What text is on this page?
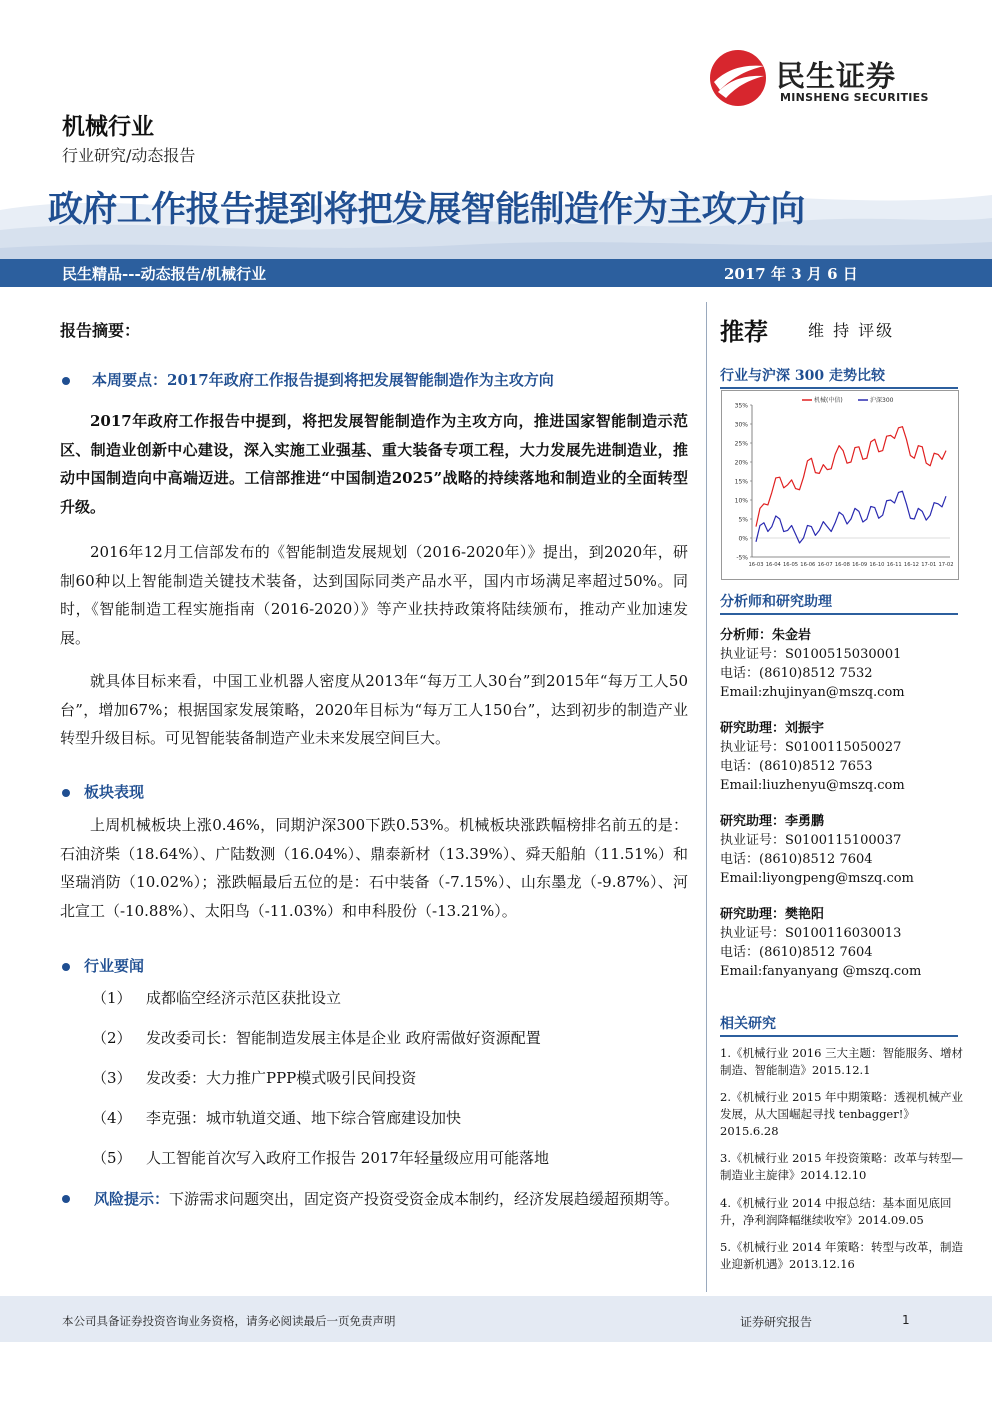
民生证券
MINSHENG SECURITIES
机械行业
行业研究/动态报告
政府工作报告提到将把发展智能制造作为主攻方向
民生精品---动态报告/机械行业	2017 年 3 月 6 日
报告摘要：
本周要点：2017年政府工作报告提到将把发展智能制造作为主攻方向
2017年政府工作报告中提到，将把发展智能制造作为主攻方向，推进国家智能制造示范区、制造业创新中心建设，深入实施工业强基、重大装备专项工程，大力发展先进制造业，推动中国制造向中高端迈进。工信部推进“中国制造2025”战略的持续落地和制造业的全面转型升级。
2016年12月工信部发布的《智能制造发展规划（2016-2020年）》提出，到2020年，研制60种以上智能制造关键技术装备，达到国际同类产品水平，国内市场满足率超过50%。同时，《智能制造工程实施指南（2016-2020）》等产业扶持政策将陆续颁布，推动产业加速发展。
就具体目标来看，中国工业机器人密度从2013年“每万工人30台”到2015年“每万工人50台”，增加67%；根据国家发展策略，2020年目标为“每万工人150台”，达到初步的制造产业转型升级目标。可见智能装备制造产业未来发展空间巨大。
板块表现
上周机械板块上涨0.46%，同期沪深300下跌0.53%。机械板块涨跌幅榜排名前五的是：石油济柴（18.64%）、广陆数测（16.04%）、鼎泰新材（13.39%）、舜天船舶（11.51%）和坚瑞消防（10.02%）；涨跌幅最后五位的是：石中装备（-7.15%）、山东墨龙（-9.87%）、河北宣工（-10.88%）、太阳鸟（-11.03%）和申科股份（-13.21%）。
行业要闻
（1） 成都临空经济示范区获批设立
（2） 发改委司长：智能制造发展主体是企业 政府需做好资源配置
（3） 发改委：大力推广PPP模式吸引民间投资
（4） 李克强：城市轨道交通、地下综合管廊建设加快
（5） 人工智能首次写入政府工作报告 2017年轻量级应用可能落地
风险提示：下游需求问题突出，固定资产投资受资金成本制约，经济发展趋缓超预期等。
推荐	维 持 评级
行业与沪深 300 走势比较
-5%
0%
5%
10%
15%
20%
25%
30%
35%
16-03 16-04 16-05 16-06 16-07 16-08 16-09 16-10 16-11 16-12 17-01 17-02
机械(中信)	沪深300
分析师和研究助理
分析师：朱金岩
执业证号：S0100515030001
电话：(8610)8512 7532
Email:zhujinyan@mszq.com
研究助理：刘振宇
执业证号：S0100115050027
电话：(8610)8512 7653
Email:liuzhenyu@mszq.com
研究助理：李勇鹏
执业证号：S0100115100037
电话：(8610)8512 7604
Email:liyongpeng@mszq.com
研究助理：樊艳阳
执业证号：S0100116030013
电话：(8610)8512 7604
Email:fanyanyang @mszq.com
相关研究
1.《机械行业 2016 三大主题：智能服务、增材制造、智能制造》2015.12.1
2.《机械行业 2015 年中期策略：透视机械产业发展，从大国崛起寻找 tenbagger!》2015.6.28
3.《机械行业 2015 年投资策略：改革与转型—制造业主旋律》2014.12.10
4.《机械行业 2014 中报总结：基本面见底回升，净利润降幅继续收窄》2014.09.05
5.《机械行业 2014 年策略：转型与改革，制造业迎新机遇》2013.12.16
本公司具备证券投资咨询业务资格，请务必阅读最后一页免责声明	证券研究报告	1
